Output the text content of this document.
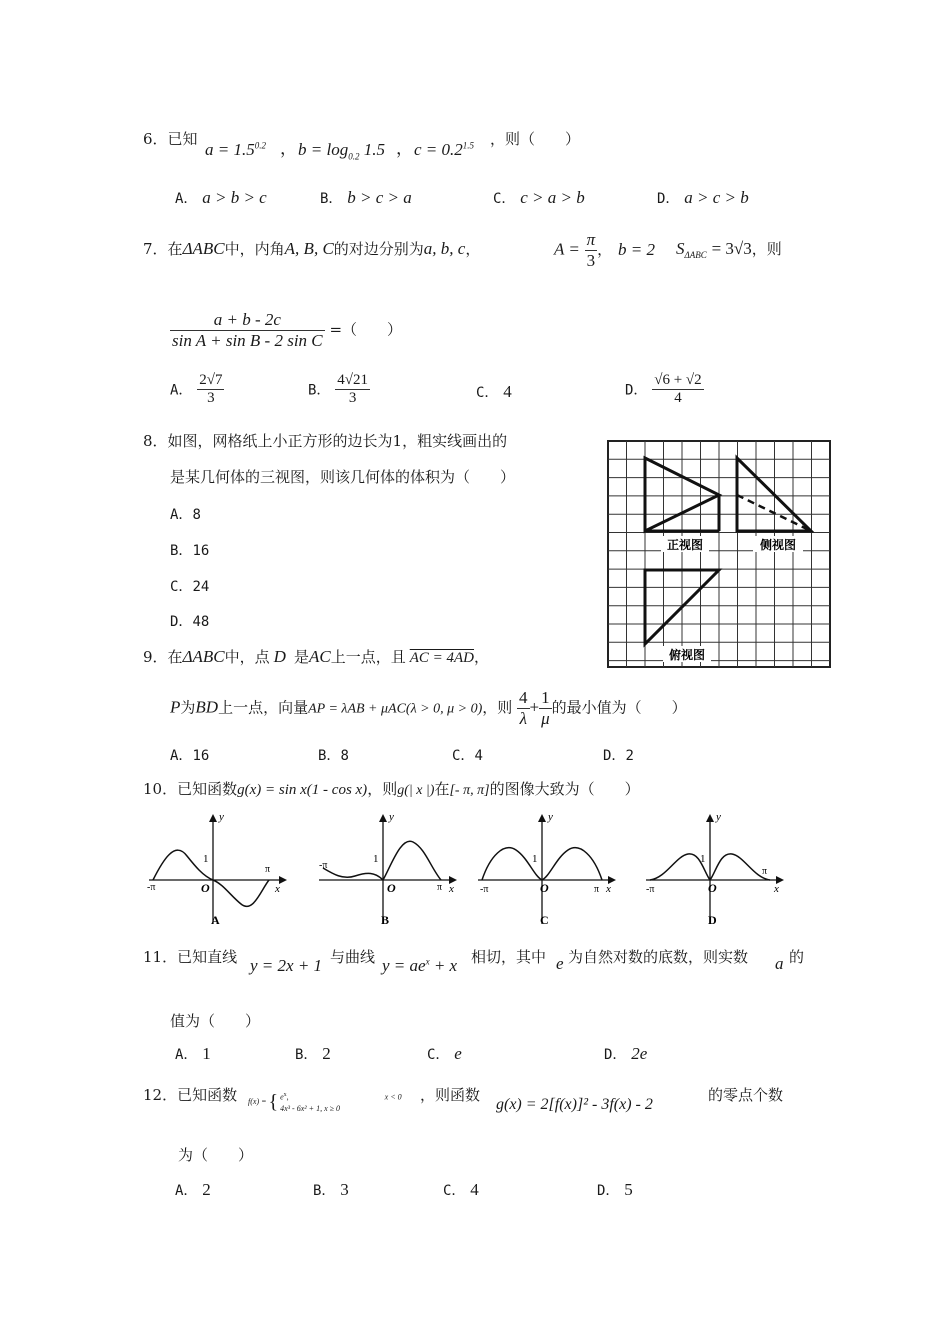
6．已知
$a = 1.5^{0.2}$ ， $b = \log_{0.2} 1.5$ ， $c = 0.2^{1.5}$ ，则（　　）
A． a > b > c	B． b > c > a	C． c > a > b	D． a > c > b
7．在ΔABC中，内角A, B, C的对边分别为a, b, c，	$A = \frac{\pi}{3}$ ， b = 2 $S_{\Delta ABC} = 3√3$，则
$\frac{a + b - 2c}{\text{sin A + sin B - 2 sin C}}$ =（　　）
A． $\frac{2√7}{3}$	B． $\frac{4√21}{3}$	C． 4	D． $\frac{√6 + √2}{4}$
8．如图，网格纸上小正方形的边长为1，粗实线画出的
是某几何体的三视图，则该几何体的体积为（　　）
A．8
B．16
C．24
D．48
正视图	侧视图
俯视图
9．在ΔABC中，点 D 是AC上一点，且 AC = 4AD，
P为BD上一点，向量AP = λAB + μAC(λ > 0, μ > 0)，则 $\frac{4}{\lambda} + \frac{1}{\mu}$ 的最小值为（　　）
A．16	B．8	C．4	D．2
10．已知函数g(x) = sin x(1 - cos x)，则g(| x |)在[- π, π]的图像大致为（　　）
y
1
O	x
-π
π
A
y
1
O	x
-π
π
B
y
1
O	x
-π	π
C
y
1
O	x
-π
π
D
11．已知直线 y = 2x + 1 与曲线 $y = ae^x + x$ 相切，其中 e 为自然对数的底数，则实数 a 的
值为（　　）
A． 1	B． 2	C． e	D． 2e
12．已知函数 f(x) = { $e^x$,	x < 0
4x³ - 6x² + 1, x ≥ 0
，则函数
g(x) = 2[f(x)]² - 3f(x) - 2
的零点个数
为（　　）
A． 2	B． 3	C． 4	D． 5
